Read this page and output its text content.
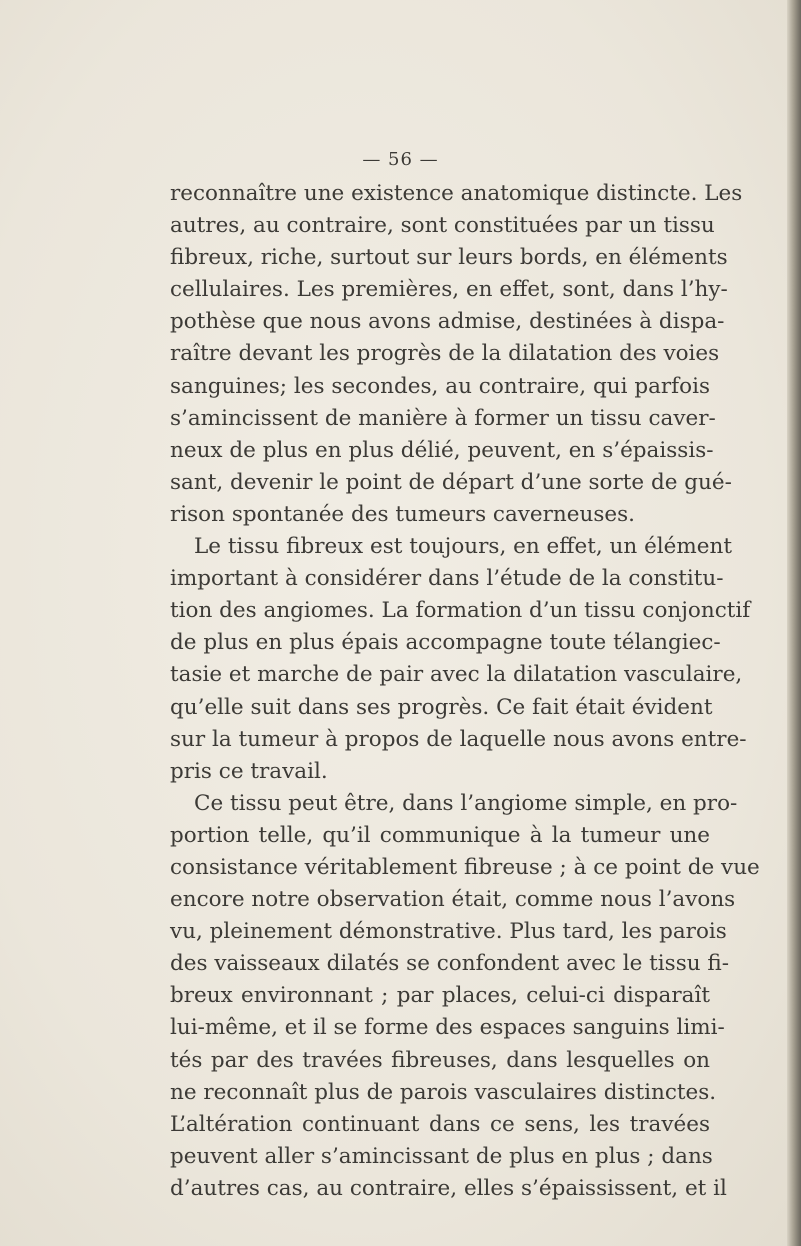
— 56 —
reconnaître une existence anatomique distincte. Les
autres, au contraire, sont constituées par un tissu
fibreux, riche, surtout sur leurs bords, en éléments
cellulaires. Les premières, en effet, sont, dans l’hy-
pothèse que nous avons admise, destinées à dispa-
raître devant les progrès de la dilatation des voies
sanguines; les secondes, au contraire, qui parfois
s’amincissent de manière à former un tissu caver-
neux de plus en plus délié, peuvent, en s’épaissis-
sant, devenir le point de départ d’une sorte de gué-
rison spontanée des tumeurs caverneuses.
Le tissu fibreux est toujours, en effet, un élément
important à considérer dans l’étude de la constitu-
tion des angiomes. La formation d’un tissu conjonctif
de plus en plus épais accompagne toute télangiec-
tasie et marche de pair avec la dilatation vasculaire,
qu’elle suit dans ses progrès. Ce fait était évident
sur la tumeur à propos de laquelle nous avons entre-
pris ce travail.
Ce tissu peut être, dans l’angiome simple, en pro-
portion telle, qu’il communique à la tumeur une
consistance véritablement fibreuse ; à ce point de vue
encore notre observation était, comme nous l’avons
vu, pleinement démonstrative. Plus tard, les parois
des vaisseaux dilatés se confondent avec le tissu fi-
breux environnant ; par places, celui-ci disparaît
lui-même, et il se forme des espaces sanguins limi-
tés par des travées fibreuses, dans lesquelles on
ne reconnaît plus de parois vasculaires distinctes.
L’altération continuant dans ce sens, les travées
peuvent aller s’amincissant de plus en plus ; dans
d’autres cas, au contraire, elles s’épaississent, et il
